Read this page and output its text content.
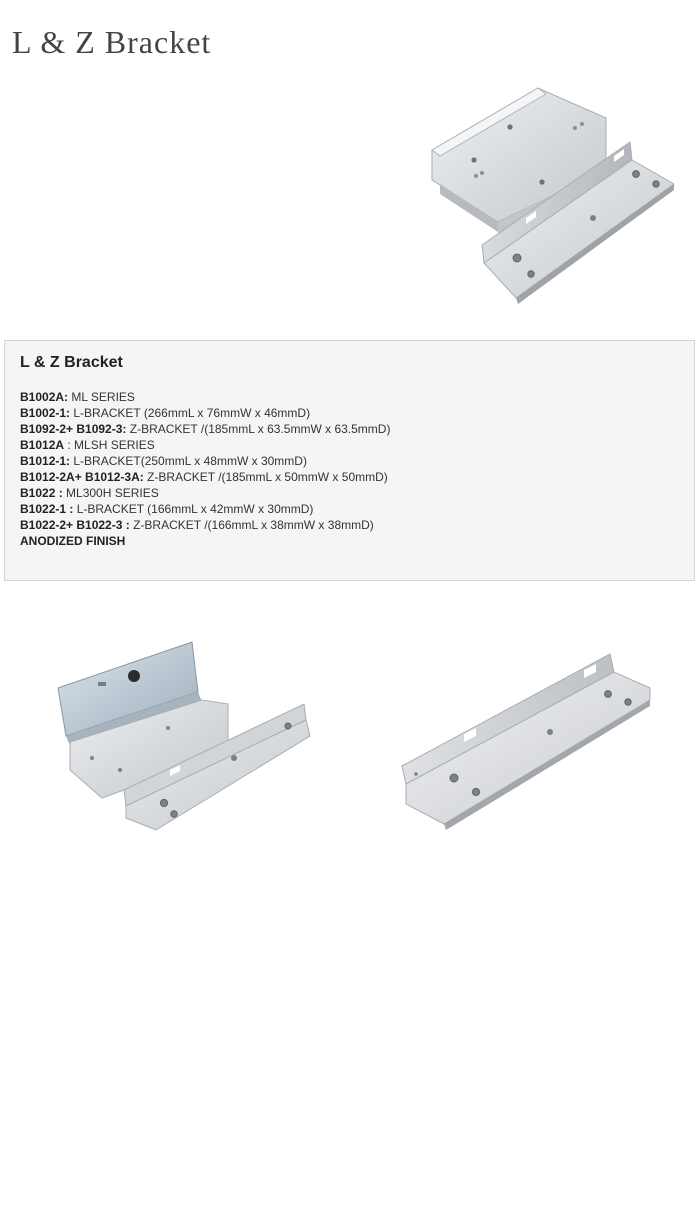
L & Z Bracket
L & Z Bracket
B1002A: ML SERIES
B1002-1: L-BRACKET (266mmL x 76mmW x 46mmD)
B1092-2+ B1092-3: Z-BRACKET /(185mmL x 63.5mmW x 63.5mmD)
B1012A : MLSH SERIES
B1012-1: L-BRACKET(250mmL x 48mmW x 30mmD)
B1012-2A+ B1012-3A: Z-BRACKET /(185mmL x 50mmW x 50mmD)
B1022 : ML300H SERIES
B1022-1 : L-BRACKET (166mmL x 42mmW x 30mmD)
B1022-2+ B1022-3 : Z-BRACKET /(166mmL x 38mmW x 38mmD)
ANODIZED FINISH
